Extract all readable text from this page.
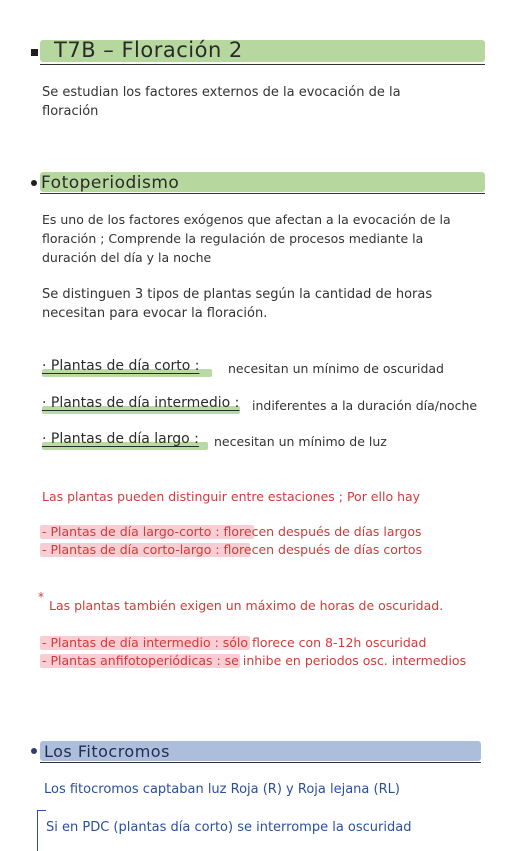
T7B – Floración 2
Se estudian los factores externos de la evocación de la
floración
Fotoperiodismo
Es uno de los factores exógenos que afectan a la evocación de la
floración ; Comprende la regulación de procesos mediante la
duración del día y la noche
Se distinguen 3 tipos de plantas según la cantidad de horas
necesitan para evocar la floración.
· Plantas de día corto : necesitan un mínimo de oscuridad
· Plantas de día intermedio : indiferentes a la duración día/noche
· Plantas de día largo : necesitan un mínimo de luz
Las plantas pueden distinguir entre estaciones ; Por ello hay
- Plantas de día largo-corto : florecen después de días largos
- Plantas de día corto-largo : florecen después de días cortos
*
Las plantas también exigen un máximo de horas de oscuridad.
- Plantas de día intermedio : sólo florece con 8-12h oscuridad
- Plantas anfifotoperiódicas : se inhibe en periodos osc. intermedios
Los Fitocromos
Los fitocromos captaban luz Roja (R) y Roja lejana (RL)
Si en PDC (plantas día corto) se interrompe la oscuridad
